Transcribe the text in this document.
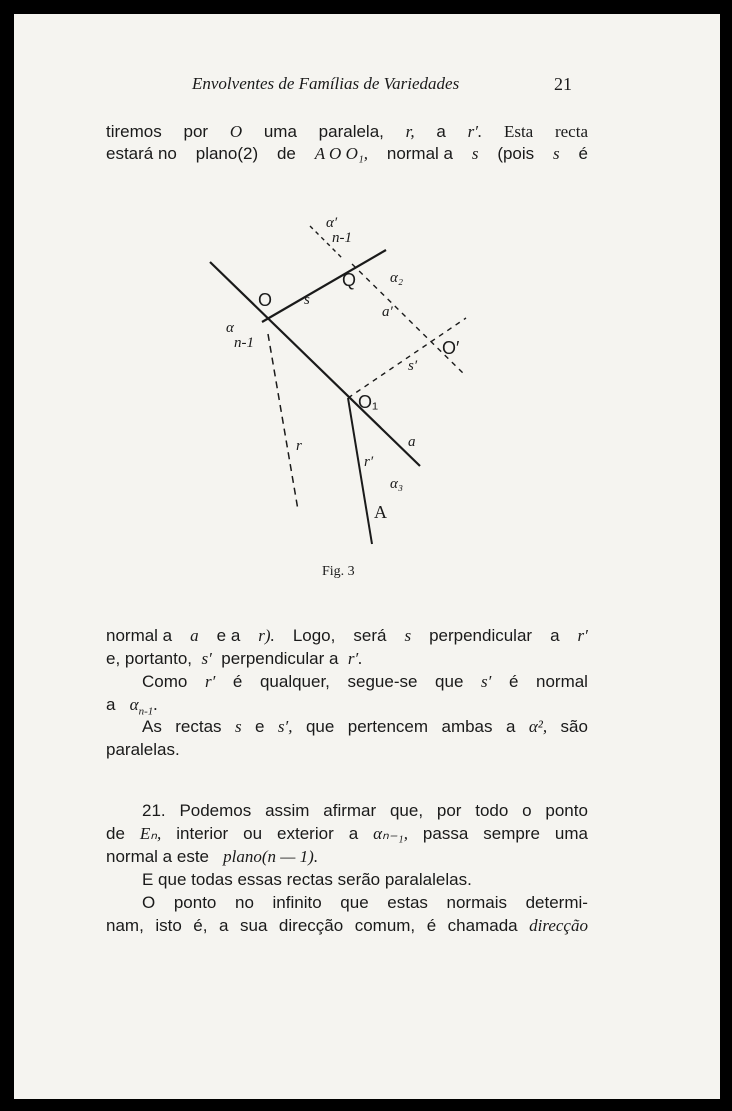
Envolventes de Famílias de Variedades	21
tiremos por O uma paralela, r, a r′. Esta recta
estará no plano(2) de A O O₁, normal a s (pois s é
α′
n-1
α₂
Q
O s
a′
α
n-1	O′
s′
O₁
r
r′
a
α₃
A
Fig. 3
normal a a e a r). Logo, será s perpendicular a r′
e, portanto, s′ perpendicular a r′.
Como r′ é qualquer, segue-se que s′ é normal
a $\alpha_{n-1}$.
As rectas s e s′, que pertencem ambas a α², são
paralelas.
21. Podemos assim afirmar que, por todo o ponto
de Eₙ, interior ou exterior a αₙ₋₁, passa sempre uma
normal a este plano(n — 1).
E que todas essas rectas serão paralalelas.
O ponto no infinito que estas normais determi-
nam, isto é, a sua direcção comum, é chamada direcção
